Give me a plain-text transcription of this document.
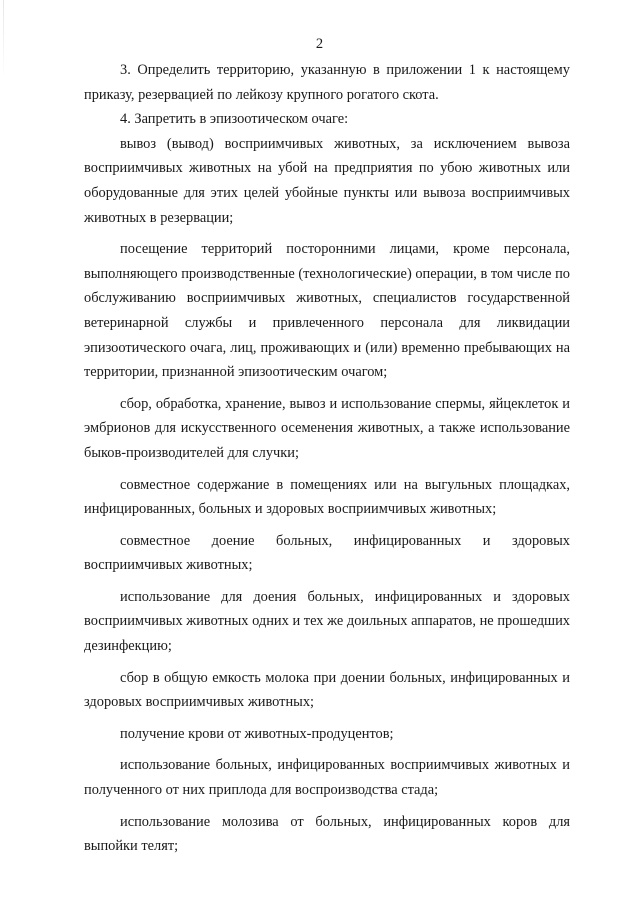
2

3. Определить территорию, указанную в приложении 1 к настоящему приказу, резервацией по лейкозу крупного рогатого скота.

4. Запретить в эпизоотическом очаге:

вывоз (вывод) восприимчивых животных, за исключением вывоза восприимчивых животных на убой на предприятия по убою животных или оборудованные для этих целей убойные пункты или вывоза восприимчивых животных в резервации;

посещение территорий посторонними лицами, кроме персонала, выполняющего производственные (технологические) операции, в том числе по обслуживанию восприимчивых животных, специалистов государственной ветеринарной службы и привлеченного персонала для ликвидации эпизоотического очага, лиц, проживающих и (или) временно пребывающих на территории, признанной эпизоотическим очагом;

сбор, обработка, хранение, вывоз и использование спермы, яйцеклеток и эмбрионов для искусственного осеменения животных, а также использование быков-производителей для случки;

совместное содержание в помещениях или на выгульных площадках, инфицированных, больных и здоровых восприимчивых животных;

совместное доение больных, инфицированных и здоровых восприимчивых животных;

использование для доения больных, инфицированных и здоровых восприимчивых животных одних и тех же доильных аппаратов, не прошедших дезинфекцию;

сбор в общую емкость молока при доении больных, инфицированных и здоровых восприимчивых животных;

получение крови от животных-продуцентов;

использование больных, инфицированных восприимчивых животных и полученного от них приплода для воспроизводства стада;

использование молозива от больных, инфицированных коров для выпойки телят;
